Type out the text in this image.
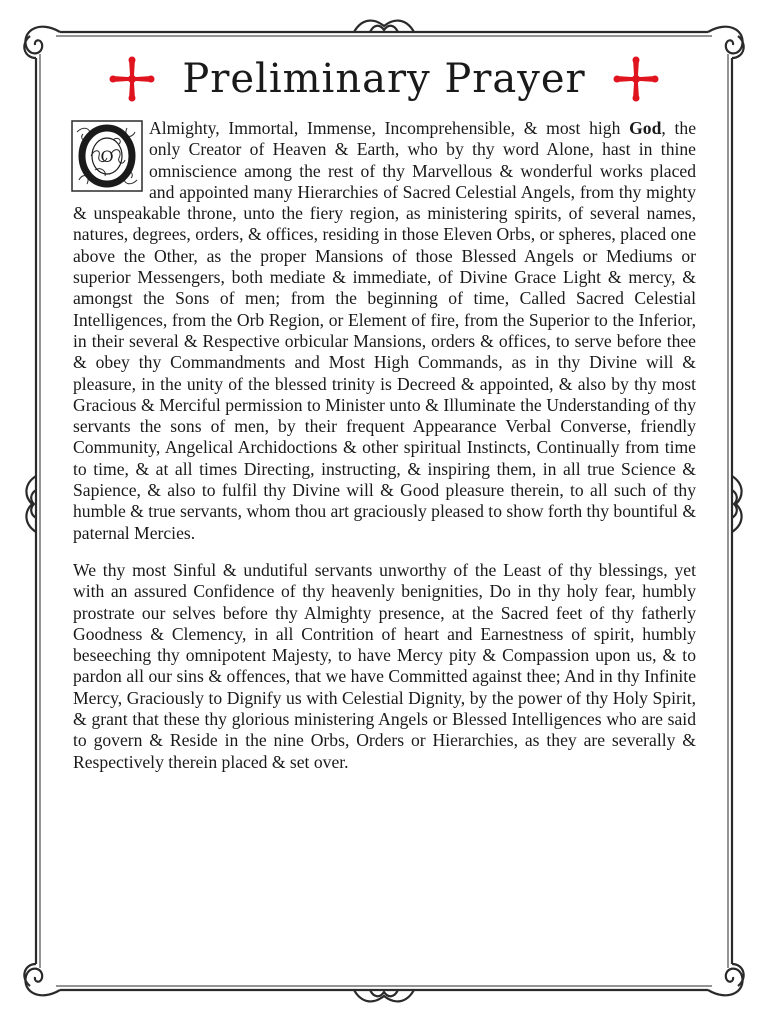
Preliminary Prayer

O
Almighty, Immortal, Immense, Incomprehensible, & most high God, the only Creator of Heaven & Earth, who by thy word Alone, hast in thine omniscience among the rest of thy Marvellous & wonderful works placed and appointed many Hierarchies of Sacred Celestial Angels, from thy mighty & unspeakable throne, unto the fiery region, as ministering spirits, of several names, natures, degrees, orders, & offices, residing in those Eleven Orbs, or spheres, placed one above the Other, as the proper Mansions of those Blessed Angels or Mediums or superior Messengers, both mediate & immediate, of Divine Grace Light & mercy, & amongst the Sons of men; from the beginning of time, Called Sacred Celestial Intelligences, from the Orb Region, or Element of fire, from the Superior to the Inferior, in their several & Respective orbicular Mansions, orders & offices, to serve before thee & obey thy Commandments and Most High Commands, as in thy Divine will & pleasure, in the unity of the blessed trinity is Decreed & appointed, & also by thy most Gracious & Merciful permission to Minister unto & Illuminate the Understanding of thy servants the sons of men, by their frequent Appearance Verbal Converse, friendly Community, Angelical Archidoctions & other spiritual Instincts, Continually from time to time, & at all times Directing, instructing, & inspiring them, in all true Science & Sapience, & also to fulfil thy Divine will & Good pleasure therein, to all such of thy humble & true servants, whom thou art graciously pleased to show forth thy bountiful & paternal Mercies.

We thy most Sinful & undutiful servants unworthy of the Least of thy blessings, yet with an assured Confidence of thy heavenly benignities, Do in thy holy fear, humbly prostrate our selves before thy Almighty presence, at the Sacred feet of thy fatherly Goodness & Clemency, in all Contrition of heart and Earnestness of spirit, humbly beseeching thy omnipotent Majesty, to have Mercy pity & Compassion upon us, & to pardon all our sins & offences, that we have Committed against thee; And in thy Infinite Mercy, Graciously to Dignify us with Celestial Dignity, by the power of thy Holy Spirit, & grant that these thy glorious ministering Angels or Blessed Intelligences who are said to govern & Reside in the nine Orbs, Orders or Hierarchies, as they are severally & Respectively therein placed & set over.
